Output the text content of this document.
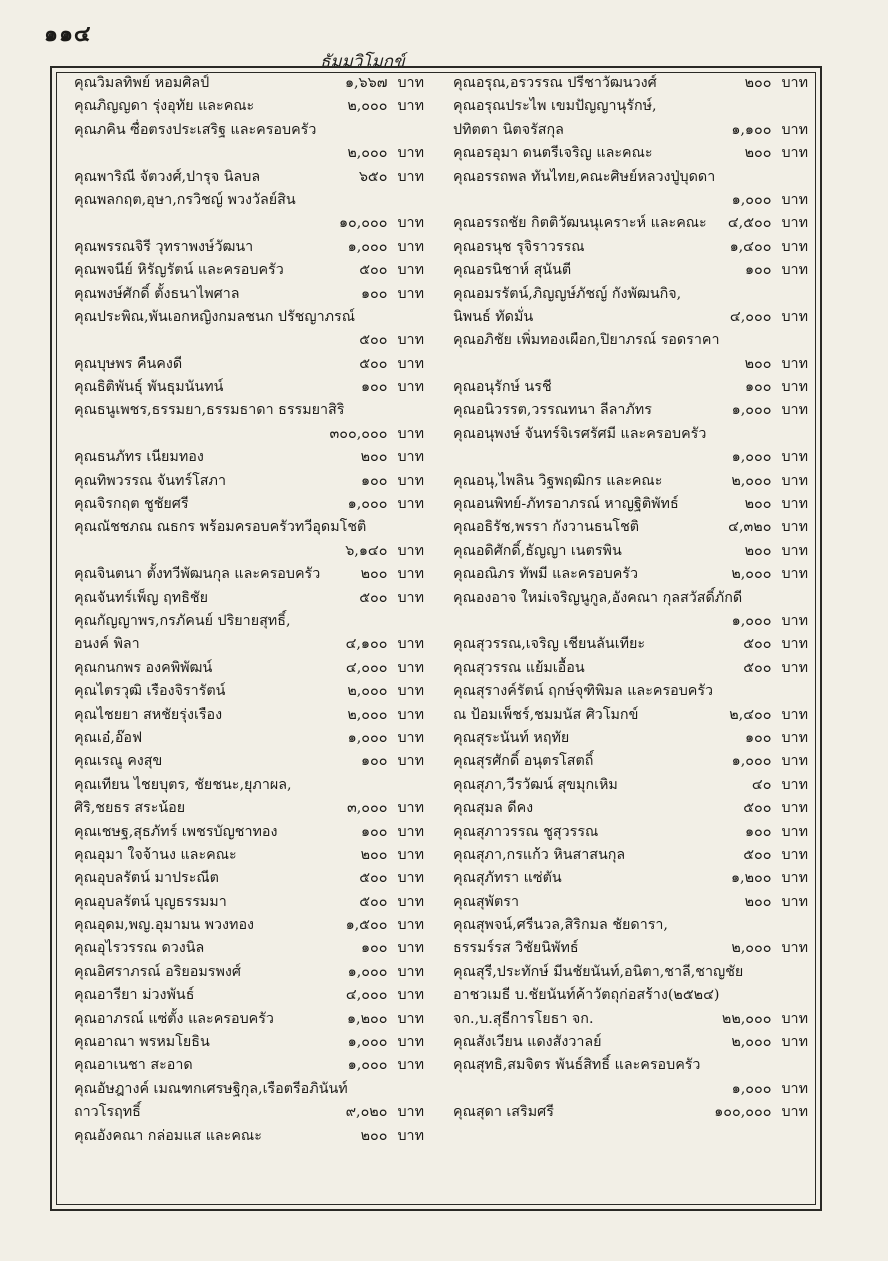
๑๑๔
ธัมมวิโมกข์
คุณวิมลทิพย์ หอมศิลป์	๑,๖๖๗ บาท
คุณภิญญดา รุ่งอุทัย และคณะ	๒,๐๐๐ บาท
คุณภคิน ซื่อตรงประเสริฐ และครอบครัว
๒,๐๐๐ บาท
คุณพาริณี จัตวงศ์,ปารุจ นิลบล	๖๕๐ บาท
คุณพลกฤต,อุษา,กรวิชญ์ พวงวัลย์สิน
๑๐,๐๐๐ บาท
คุณพรรณจิรี วุทราพงษ์วัฒนา	๑,๐๐๐ บาท
คุณพจนีย์ หิรัญรัตน์ และครอบครัว	๕๐๐ บาท
คุณพงษ์ศักดิ์ ตั้งธนาไพศาล	๑๐๐ บาท
คุณประพิณ,พันเอกหญิงกมลชนก ปรัชญาภรณ์
๕๐๐ บาท
คุณบุษพร คืนคงดี	๕๐๐ บาท
คุณธิติพันธุ์ พันธุมนันทน์	๑๐๐ บาท
คุณธนูเพชร,ธรรมยา,ธรรมธาดา ธรรมยาสิริ
๓๐๐,๐๐๐ บาท
คุณธนภัทร เนียมทอง	๒๐๐ บาท
คุณทิพวรรณ จันทร์โสภา	๑๐๐ บาท
คุณจิรกฤต ชูชัยศรี	๑,๐๐๐ บาท
คุณณัชชภณ ณธกร พร้อมครอบครัวทวีอุดมโชติ
๖,๑๔๐ บาท
คุณจินตนา ตั้งทวีพัฒนกุล และครอบครัว	๒๐๐ บาท
คุณจันทร์เพ็ญ ฤทธิชัย	๕๐๐ บาท
คุณกัญญาพร,กรภัคนย์ ปริยายสุทธิ์,
อนงค์ พิลา	๔,๑๐๐ บาท
คุณกนกพร องคพิพัฒน์	๔,๐๐๐ บาท
คุณไตรวุฒิ เรืองจิรารัตน์	๒,๐๐๐ บาท
คุณไชยยา สหชัยรุ่งเรือง	๒,๐๐๐ บาท
คุณเอ๋,อ๊อฟ	๑,๐๐๐ บาท
คุณเรณู คงสุข	๑๐๐ บาท
คุณเทียน ไชยบุตร, ชัยชนะ,ยุภาผล,
ศิริ,ชยธร สระน้อย	๓,๐๐๐ บาท
คุณเชษฐ,สุธภัทร์ เพชรบัญชาทอง	๑๐๐ บาท
คุณอุมา ใจจ้านง และคณะ	๒๐๐ บาท
คุณอุบลรัตน์ มาประณีต	๕๐๐ บาท
คุณอุบลรัตน์ บุญธรรมมา	๕๐๐ บาท
คุณอุดม,พญ.อุมามน พวงทอง	๑,๕๐๐ บาท
คุณอุไรวรรณ ดวงนิล	๑๐๐ บาท
คุณอิศราภรณ์ อริยอมรพงศ์	๑,๐๐๐ บาท
คุณอารียา ม่วงพันธ์	๔,๐๐๐ บาท
คุณอาภรณ์ แซ่ตั้ง และครอบครัว	๑,๒๐๐ บาท
คุณอาณา พรหมโยธิน	๑,๐๐๐ บาท
คุณอาเนชา สะอาด	๑,๐๐๐ บาท
คุณอัษฎางค์ เมณฑกเศรษฐิกุล,เรือตรีอภินันท์
ถาวโรฤทธิ์	๙,๐๒๐ บาท
คุณอังคณา กล่อมแส และคณะ	๒๐๐ บาท
คุณอรุณ,อรวรรณ ปรีชาวัฒนวงศ์	๒๐๐ บาท
คุณอรุณประไพ เขมปัญญานุรักษ์,
ปทิตตา นิตจรัสกุล	๑,๑๐๐ บาท
คุณอรอุมา ดนตรีเจริญ และคณะ	๒๐๐ บาท
คุณอรรถพล ทันไทย,คณะศิษย์หลวงปู่บุดดา
๑,๐๐๐ บาท
คุณอรรถชัย กิตติวัฒนนุเคราะห์ และคณะ	๔,๕๐๐ บาท
คุณอรนุช รุจิราวรรณ	๑,๔๐๐ บาท
คุณอรนิชาห์ สุนันตี	๑๐๐ บาท
คุณอมรรัตน์,ภิญญษ์ภัชญ์ กังพัฒนกิจ,
นิพนธ์ ทัดมั่น	๔,๐๐๐ บาท
คุณอภิชัย เพิ่มทองเผือก,ปิยาภรณ์ รอดราคา
๒๐๐ บาท
คุณอนุรักษ์ นรชี	๑๐๐ บาท
คุณอนิวรรต,วรรณทนา ลีลาภัทร	๑,๐๐๐ บาท
คุณอนุพงษ์ จันทร์จิเรศรัศมี และครอบครัว
๑,๐๐๐ บาท
คุณอนุ,ไพลิน วิฐพฤฒิกร และคณะ	๒,๐๐๐ บาท
คุณอนพิทย์-ภัทรอาภรณ์ หาญฐิติพัทธ์	๒๐๐ บาท
คุณอธิรัช,พรรา กังวานธนโชติ	๔,๓๒๐ บาท
คุณอดิศักดิ์,ธัญญา เนตรพิน	๒๐๐ บาท
คุณอณิภร ทัพมี และครอบครัว	๒,๐๐๐ บาท
คุณองอาจ ใหม่เจริญนูกูล,อังคณา กุลสวัสดิ์ภักดี
๑,๐๐๐ บาท
คุณสุวรรณ,เจริญ เชียนลันเทียะ	๕๐๐ บาท
คุณสุวรรณ แย้มเอื้อน	๕๐๐ บาท
คุณสุรางค์รัตน์ ฤกษ์จุฑิพิมล และครอบครัว
ณ ป้อมเพ็ชร์,ชมมนัส ศิวโมกข์	๒,๔๐๐ บาท
คุณสุระนันท์ หฤทัย	๑๐๐ บาท
คุณสุรศักดิ์ อนุตรโสตถิ์	๑,๐๐๐ บาท
คุณสุภา,วีรวัฒน์ สุขมุกเหิม	๔๐ บาท
คุณสุมล ดีคง	๕๐๐ บาท
คุณสุภาวรรณ ชูสุวรรณ	๑๐๐ บาท
คุณสุภา,กรแก้ว หินสาสนกุล	๕๐๐ บาท
คุณสุภัทรา แซ่ตัน	๑,๒๐๐ บาท
คุณสุพัตรา	๒๐๐ บาท
คุณสุพจน์,ศรีนวล,สิริกมล ชัยดารา,
ธรรมร์รส วิชัยนิพัทธ์	๒,๐๐๐ บาท
คุณสุรี,ประทักษ์ มีนชัยนันท์,อนิตา,ชาลี,ชาญชัย
อาชวเมธี บ.ชัยนันท์ค้าวัตถุก่อสร้าง(๒๕๒๔)
จก.,บ.สุธีการโยธา จก.	๒๒,๐๐๐ บาท
คุณสังเวียน แดงสังวาลย์	๒,๐๐๐ บาท
คุณสุทธิ,สมจิตร พันธ์สิทธิ์ และครอบครัว
๑,๐๐๐ บาท
คุณสุดา เสริมศรี	๑๐๐,๐๐๐ บาท
